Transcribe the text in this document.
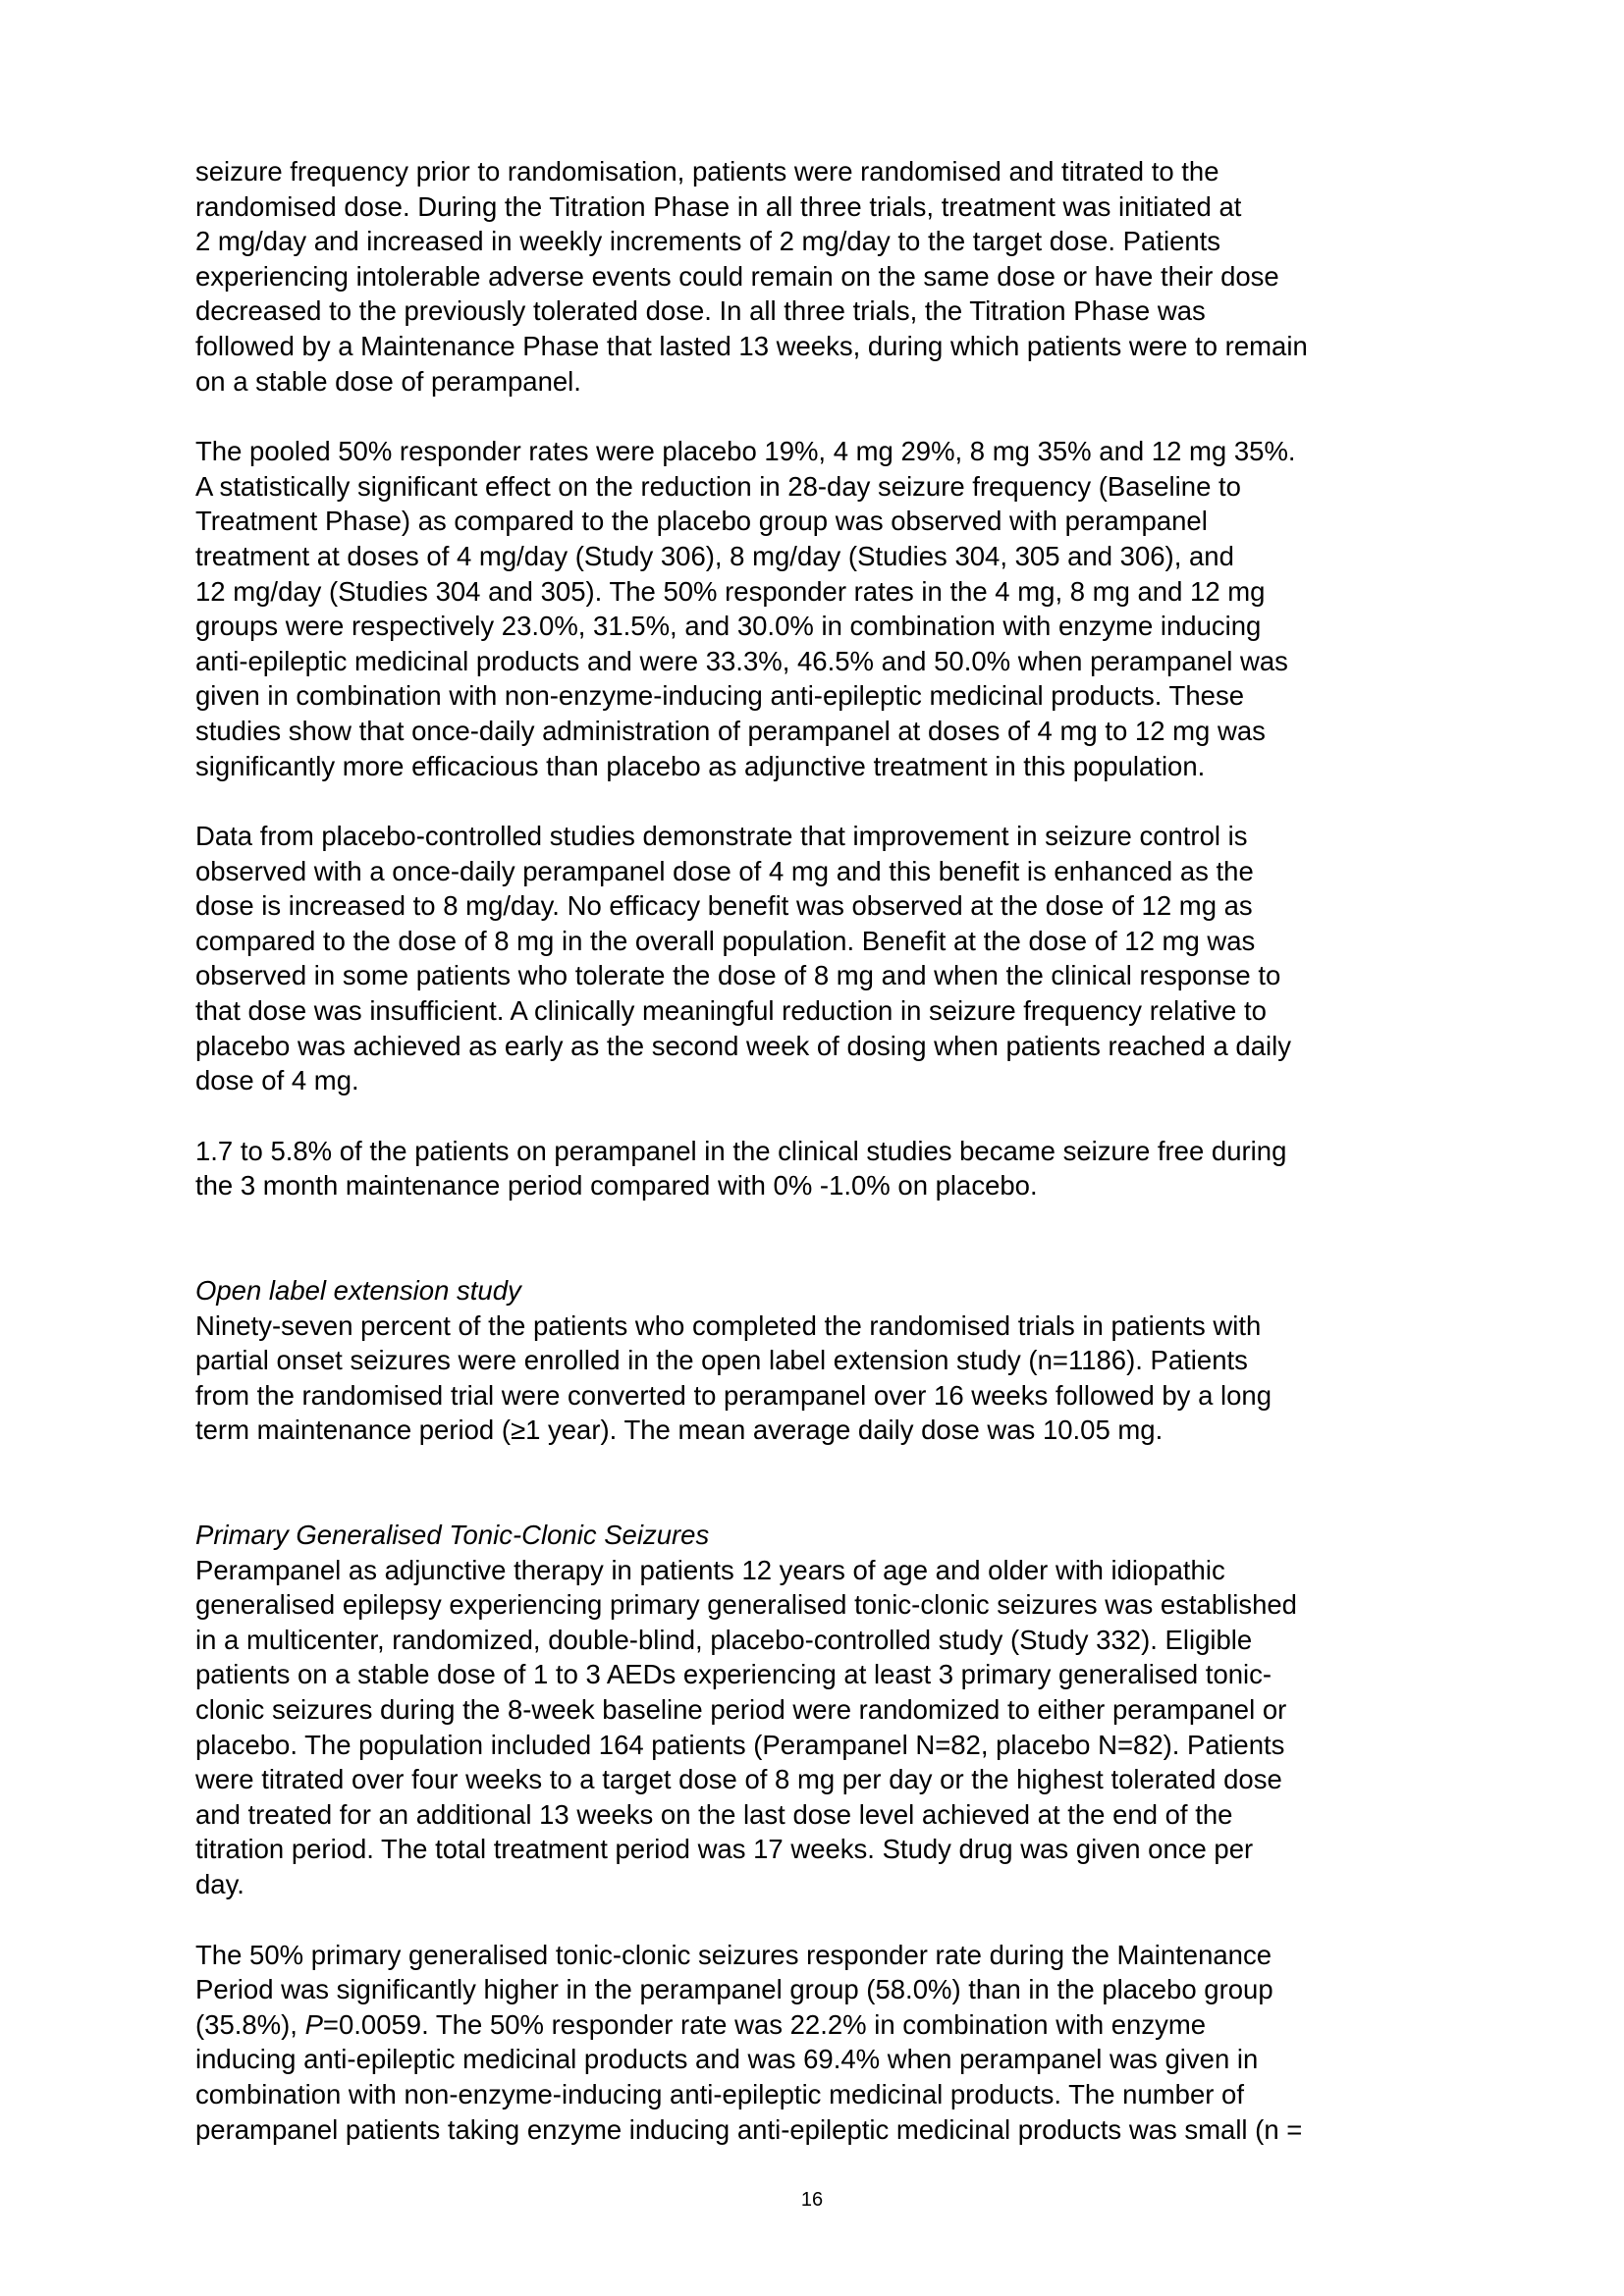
seizure frequency prior to randomisation, patients were randomised and titrated to the
randomised dose. During the Titration Phase in all three trials, treatment was initiated at
2 mg/day and increased in weekly increments of 2 mg/day to the target dose. Patients
experiencing intolerable adverse events could remain on the same dose or have their dose
decreased to the previously tolerated dose. In all three trials, the Titration Phase was
followed by a Maintenance Phase that lasted 13 weeks, during which patients were to remain
on a stable dose of perampanel.
The pooled 50% responder rates were placebo 19%, 4 mg 29%, 8 mg 35% and 12 mg 35%.
A statistically significant effect on the reduction in 28-day seizure frequency (Baseline to
Treatment Phase) as compared to the placebo group was observed with perampanel
treatment at doses of 4 mg/day (Study 306), 8 mg/day (Studies 304, 305 and 306), and
12 mg/day (Studies 304 and 305). The 50% responder rates in the 4 mg, 8 mg and 12 mg
groups were respectively 23.0%, 31.5%, and 30.0% in combination with enzyme inducing
anti-epileptic medicinal products and were 33.3%, 46.5% and 50.0% when perampanel was
given in combination with non-enzyme-inducing anti-epileptic medicinal products. These
studies show that once-daily administration of perampanel at doses of 4 mg to 12 mg was
significantly more efficacious than placebo as adjunctive treatment in this population.
Data from placebo-controlled studies demonstrate that improvement in seizure control is
observed with a once-daily perampanel dose of 4 mg and this benefit is enhanced as the
dose is increased to 8 mg/day. No efficacy benefit was observed at the dose of 12 mg as
compared to the dose of 8 mg in the overall population. Benefit at the dose of 12 mg was
observed in some patients who tolerate the dose of 8 mg and when the clinical response to
that dose was insufficient. A clinically meaningful reduction in seizure frequency relative to
placebo was achieved as early as the second week of dosing when patients reached a daily
dose of 4 mg.
1.7 to 5.8% of the patients on perampanel in the clinical studies became seizure free during
the 3 month maintenance period compared with 0% -1.0% on placebo.
Open label extension study
Ninety-seven percent of the patients who completed the randomised trials in patients with
partial onset seizures were enrolled in the open label extension study (n=1186). Patients
from the randomised trial were converted to perampanel over 16 weeks followed by a long
term maintenance period (≥1 year). The mean average daily dose was 10.05 mg.
Primary Generalised Tonic-Clonic Seizures
Perampanel as adjunctive therapy in patients 12 years of age and older with idiopathic
generalised epilepsy experiencing primary generalised tonic-clonic seizures was established
in a multicenter, randomized, double-blind, placebo-controlled study (Study 332). Eligible
patients on a stable dose of 1 to 3 AEDs experiencing at least 3 primary generalised tonic-
clonic seizures during the 8-week baseline period were randomized to either perampanel or
placebo. The population included 164 patients (Perampanel N=82, placebo N=82). Patients
were titrated over four weeks to a target dose of 8 mg per day or the highest tolerated dose
and treated for an additional 13 weeks on the last dose level achieved at the end of the
titration period. The total treatment period was 17 weeks. Study drug was given once per
day.
The 50% primary generalised tonic-clonic seizures responder rate during the Maintenance
Period was significantly higher in the perampanel group (58.0%) than in the placebo group
(35.8%), P=0.0059. The 50% responder rate was 22.2% in combination with enzyme
inducing anti-epileptic medicinal products and was 69.4% when perampanel was given in
combination with non-enzyme-inducing anti-epileptic medicinal products. The number of
perampanel patients taking enzyme inducing anti-epileptic medicinal products was small (n =
16
